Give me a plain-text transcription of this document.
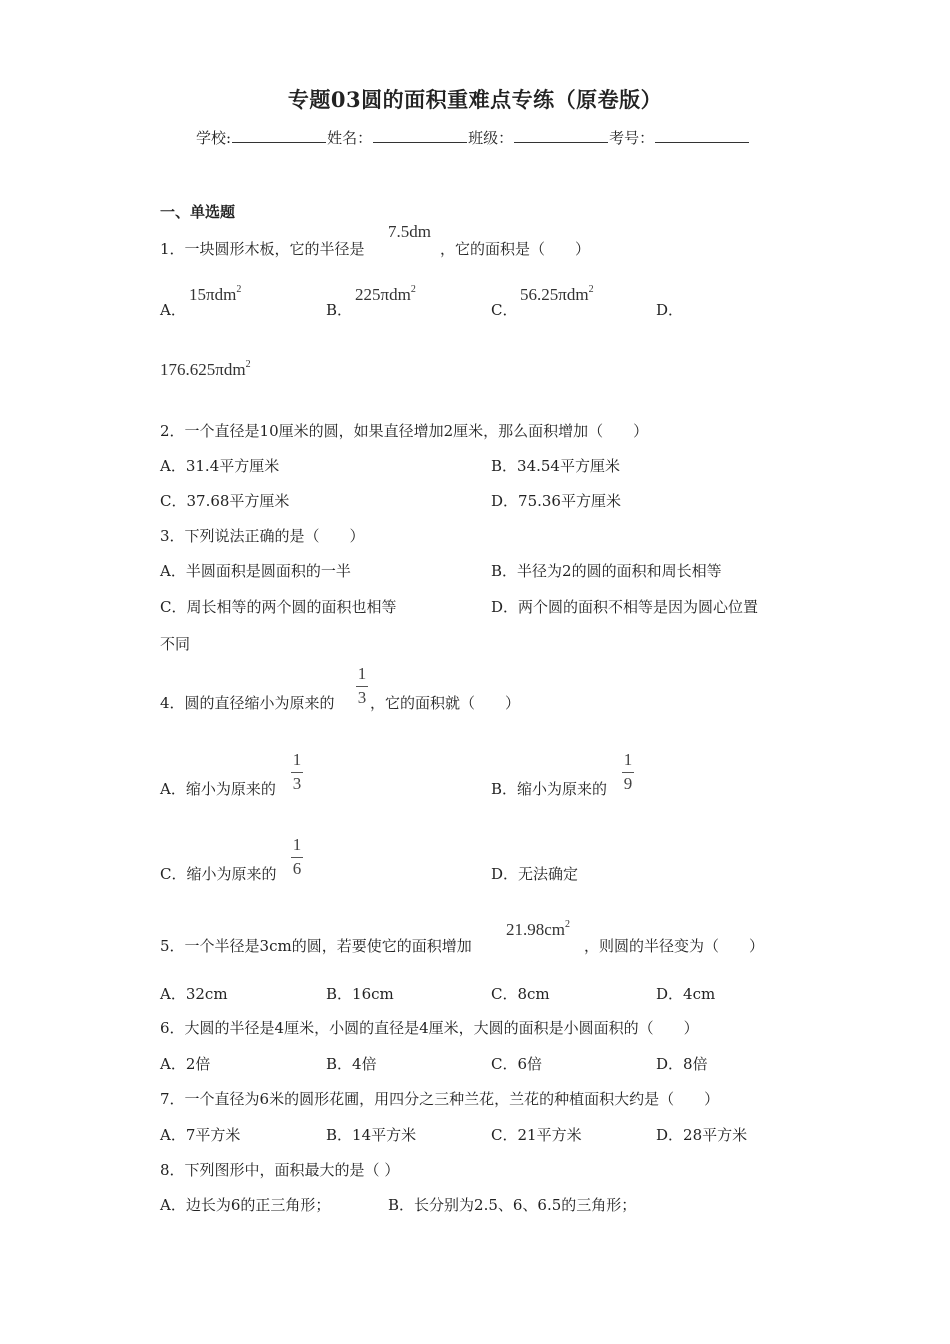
专题03圆的面积重难点专练（原卷版）
学校:	姓名：	班级：	考号：
一、单选题
1．一块圆形木板，它的半径是
7.5dm
，它的面积是（　　）
A．
15πdm$^2$
B．
225πdm$^2$
C．
56.25πdm$^2$
D．
176.625πdm$^2$
2．一个直径是10厘米的圆，如果直径增加2厘米，那么面积增加（　　）
A．31.4平方厘米	B．34.54平方厘米
C．37.68平方厘米	D．75.36平方厘米
3．下列说法正确的是（　　）
A．半圆面积是圆面积的一半	B．半径为2的圆的面积和周长相等
C．周长相等的两个圆的面积也相等	D．两个圆的面积不相等是因为圆心位置
不同
4．圆的直径缩小为原来的
1
3 ，它的面积就（　　）
A．缩小为原来的
1
3	B．缩小为原来的
1
9
C．缩小为原来的
1
6	D．无法确定
5．一个半径是3cm的圆，若要使它的面积增加
$21.98cm^2$
，则圆的半径变为（　　）
A．32cm	B．16cm	C．8cm	D．4cm
6．大圆的半径是4厘米，小圆的直径是4厘米，大圆的面积是小圆面积的（　　）
A．2倍	B．4倍	C．6倍	D．8倍
7．一个直径为6米的圆形花圃，用四分之三种兰花，兰花的种植面积大约是（　　）
A．7平方米	B．14平方米	C．21平方米	D．28平方米
8．下列图形中，面积最大的是（ ）
A．边长为6的正三角形；	B．长分别为2.5、6、6.5的三角形；
